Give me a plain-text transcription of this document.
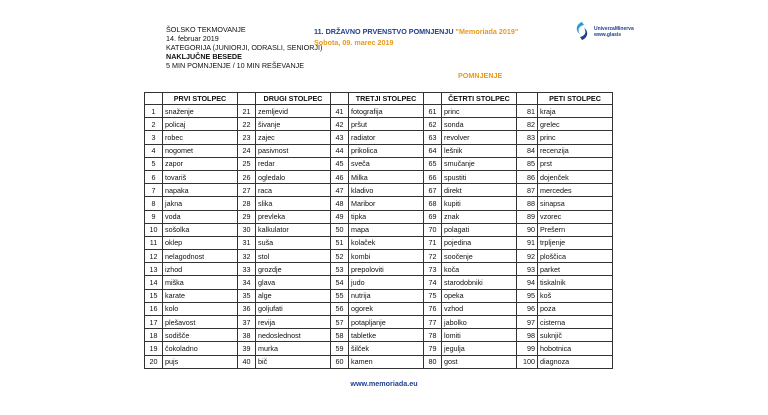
ŠOLSKO TEKMOVANJE
14. februar 2019
KATEGORIJA (JUNIORJI, ODRASLI, SENIORJI)
NAKLJUČNE BESEDE
5 MIN POMNJENJE / 10 MIN REŠEVANJE
11. DRŽAVNO PRVENSTVO POMNJENJU "Memoriada 2019"
Sobota, 09. marec 2019
POMNJENJE
UniverzaMinerva
www.glasis
	PRVI STOLPEC		DRUGI STOLPEC		TRETJI STOLPEC		ČETRTI STOLPEC		PETI STOLPEC
1	snaženje	21	zemljevid	41	fotografija	61	princ	81	kraja
2	policaj	22	šivanje	42	pršut	62	sonda	82	grelec
3	robec	23	zajec	43	radiator	63	revolver	83	princ
4	nogomet	24	pasivnost	44	prikolica	64	lešnik	84	recenzija
5	zapor	25	redar	45	sveča	65	smučanje	85	prst
6	tovariš	26	ogledalo	46	Milka	66	spustiti	86	dojenček
7	napaka	27	raca	47	kladivo	67	direkt	87	mercedes
8	jakna	28	slika	48	Maribor	68	kupiti	88	sinapsa
9	voda	29	prevleka	49	tipka	69	znak	89	vzorec
10	sošolka	30	kalkulator	50	mapa	70	polagati	90	Prešern
11	oklep	31	suša	51	kolaček	71	pojedina	91	trpljenje
12	nelagodnost	32	stol	52	kombi	72	soočenje	92	ploščica
13	izhod	33	grozdje	53	prepoloviti	73	koča	93	parket
14	miška	34	glava	54	judo	74	starodobniki	94	tiskalnik
15	karate	35	alge	55	nutrija	75	opeka	95	koš
16	kolo	36	goljufati	56	ogorek	76	vzhod	96	poza
17	plešavost	37	revija	57	potapljanje	77	jabolko	97	cisterna
18	sodišče	38	nedoslednost	58	tabletke	78	lomiti	98	suknjič
19	čokoladno	39	murka	59	šilček	79	jegulja	99	hobotnica
20	pujs	40	bič	60	kamen	80	gost	100	diagnoza
www.memoriada.eu
